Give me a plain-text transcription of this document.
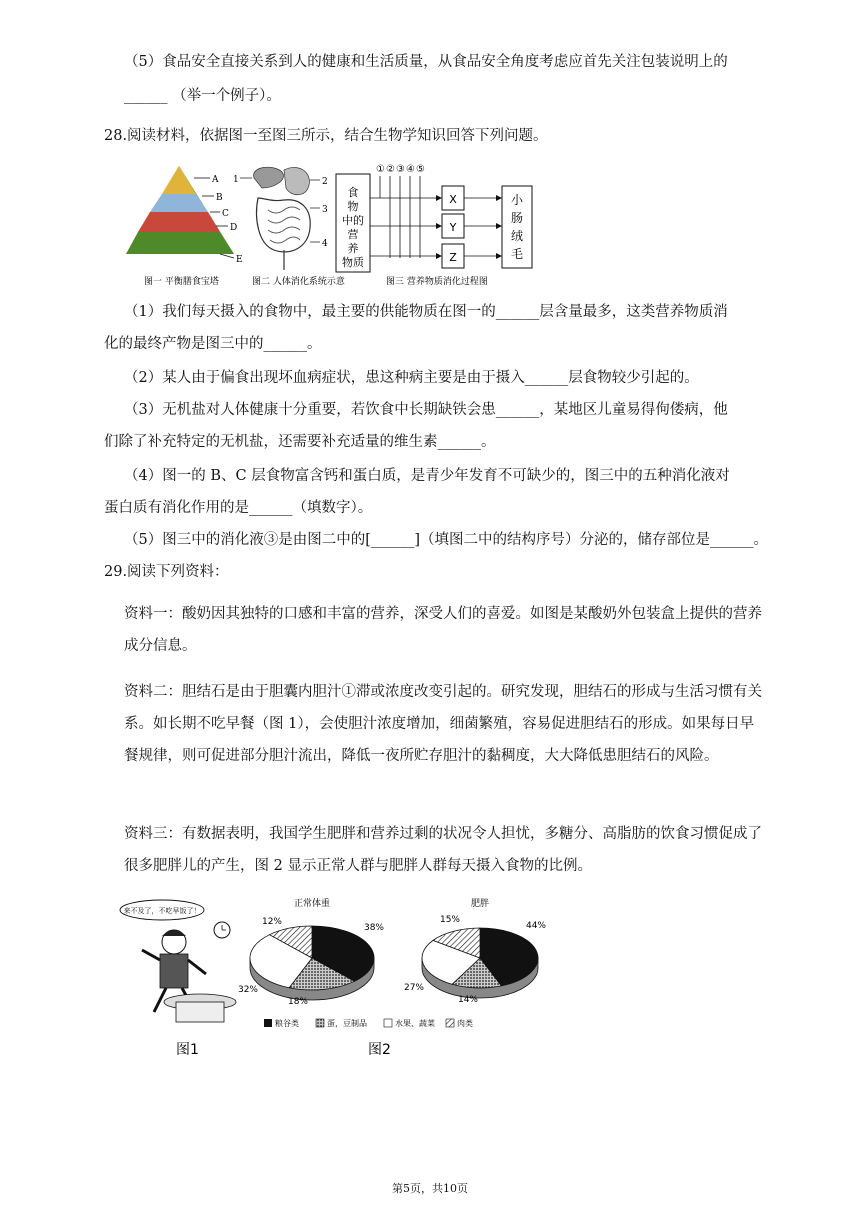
（5）食品安全直接关系到人的健康和生活质量，从食品安全角度考虑应首先关注包装说明上的
______ （举一个例子）。
28.阅读材料，依据图一至图三所示，结合生物学知识回答下列问题。
A
B
C
D
E
图一 平衡膳食宝塔
1	2
3
4
图二 人体消化系统示意
食
物
中的
营
养
物质
① ② ③ ④ ⑤
X
Y
Z
小
肠
绒
毛
图三 营养物质消化过程图
（1）我们每天摄入的食物中，最主要的供能物质在图一的______层含量最多，这类营养物质消
化的最终产物是图三中的______。
（2）某人由于偏食出现坏血病症状，患这种病主要是由于摄入______层食物较少引起的。
（3）无机盐对人体健康十分重要，若饮食中长期缺铁会患______，某地区儿童易得佝偻病，他
们除了补充特定的无机盐，还需要补充适量的维生素______。
（4）图一的 B、C 层食物富含钙和蛋白质，是青少年发育不可缺少的，图三中的五种消化液对
蛋白质有消化作用的是______（填数字）。
（5）图三中的消化液③是由图二中的[______]（填图二中的结构序号）分泌的，储存部位是______。
29.阅读下列资料：
资料一：酸奶因其独特的口感和丰富的营养，深受人们的喜爱。如图是某酸奶外包装盒上提供的营养成分信息。
资料二：胆结石是由于胆囊内胆汁①滞或浓度改变引起的。研究发现，胆结石的形成与生活习惯有关系。如长期不吃早餐（图 1），会使胆汁浓度增加，细菌繁殖，容易促进胆结石的形成。如果每日早餐规律，则可促进部分胆汁流出，降低一夜所贮存胆汁的黏稠度，大大降低患胆结石的风险。
资料三：有数据表明，我国学生肥胖和营养过剩的状况令人担忧，多糖分、高脂肪的饮食习惯促成了很多肥胖儿的产生，图 2 显示正常人群与肥胖人群每天摄入食物的比例。
来不及了，不吃早饭了！
图1
正常体重	肥胖
38%
18%
32%
12%	44%
14%
27%
15%
粮谷类	蛋，豆制品	水果、蔬菜	肉类
图2
第5页，共10页
